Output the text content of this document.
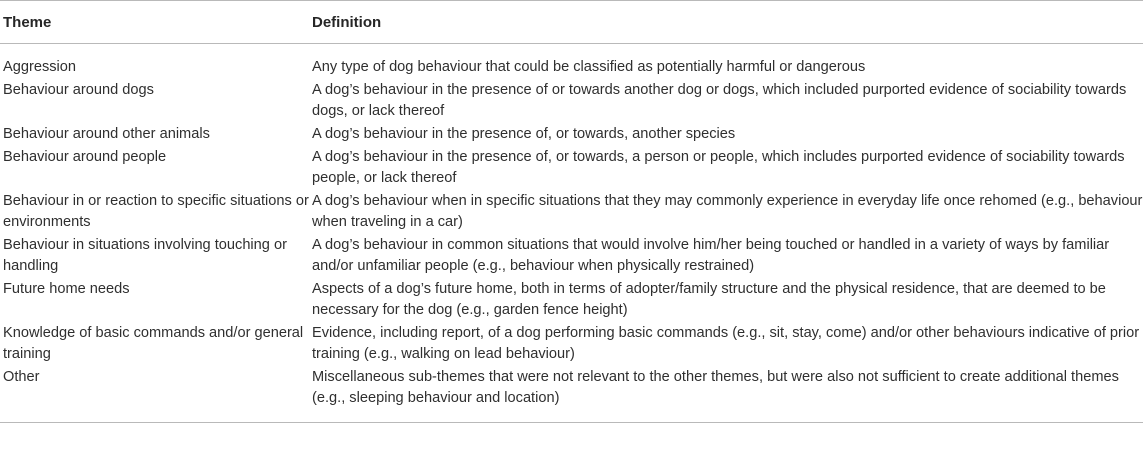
Theme	Definition
Aggression	Any type of dog behaviour that could be classified as potentially harmful or dangerous
Behaviour around dogs	A dog’s behaviour in the presence of or towards another dog or dogs, which included purported evidence of sociability towards dogs, or lack thereof
Behaviour around other animals	A dog’s behaviour in the presence of, or towards, another species
Behaviour around people	A dog’s behaviour in the presence of, or towards, a person or people, which includes purported evidence of sociability towards people, or lack thereof
Behaviour in or reaction to specific situations or environments	A dog’s behaviour when in specific situations that they may commonly experience in everyday life once rehomed (e.g., behaviour when traveling in a car)
Behaviour in situations involving touching or handling	A dog’s behaviour in common situations that would involve him/her being touched or handled in a variety of ways by familiar and/or unfamiliar people (e.g., behaviour when physically restrained)
Future home needs	Aspects of a dog’s future home, both in terms of adopter/family structure and the physical residence, that are deemed to be necessary for the dog (e.g., garden fence height)
Knowledge of basic commands and/or general training	Evidence, including report, of a dog performing basic commands (e.g., sit, stay, come) and/or other behaviours indicative of prior training (e.g., walking on lead behaviour)
Other	Miscellaneous sub-themes that were not relevant to the other themes, but were also not sufficient to create additional themes (e.g., sleeping behaviour and location)
